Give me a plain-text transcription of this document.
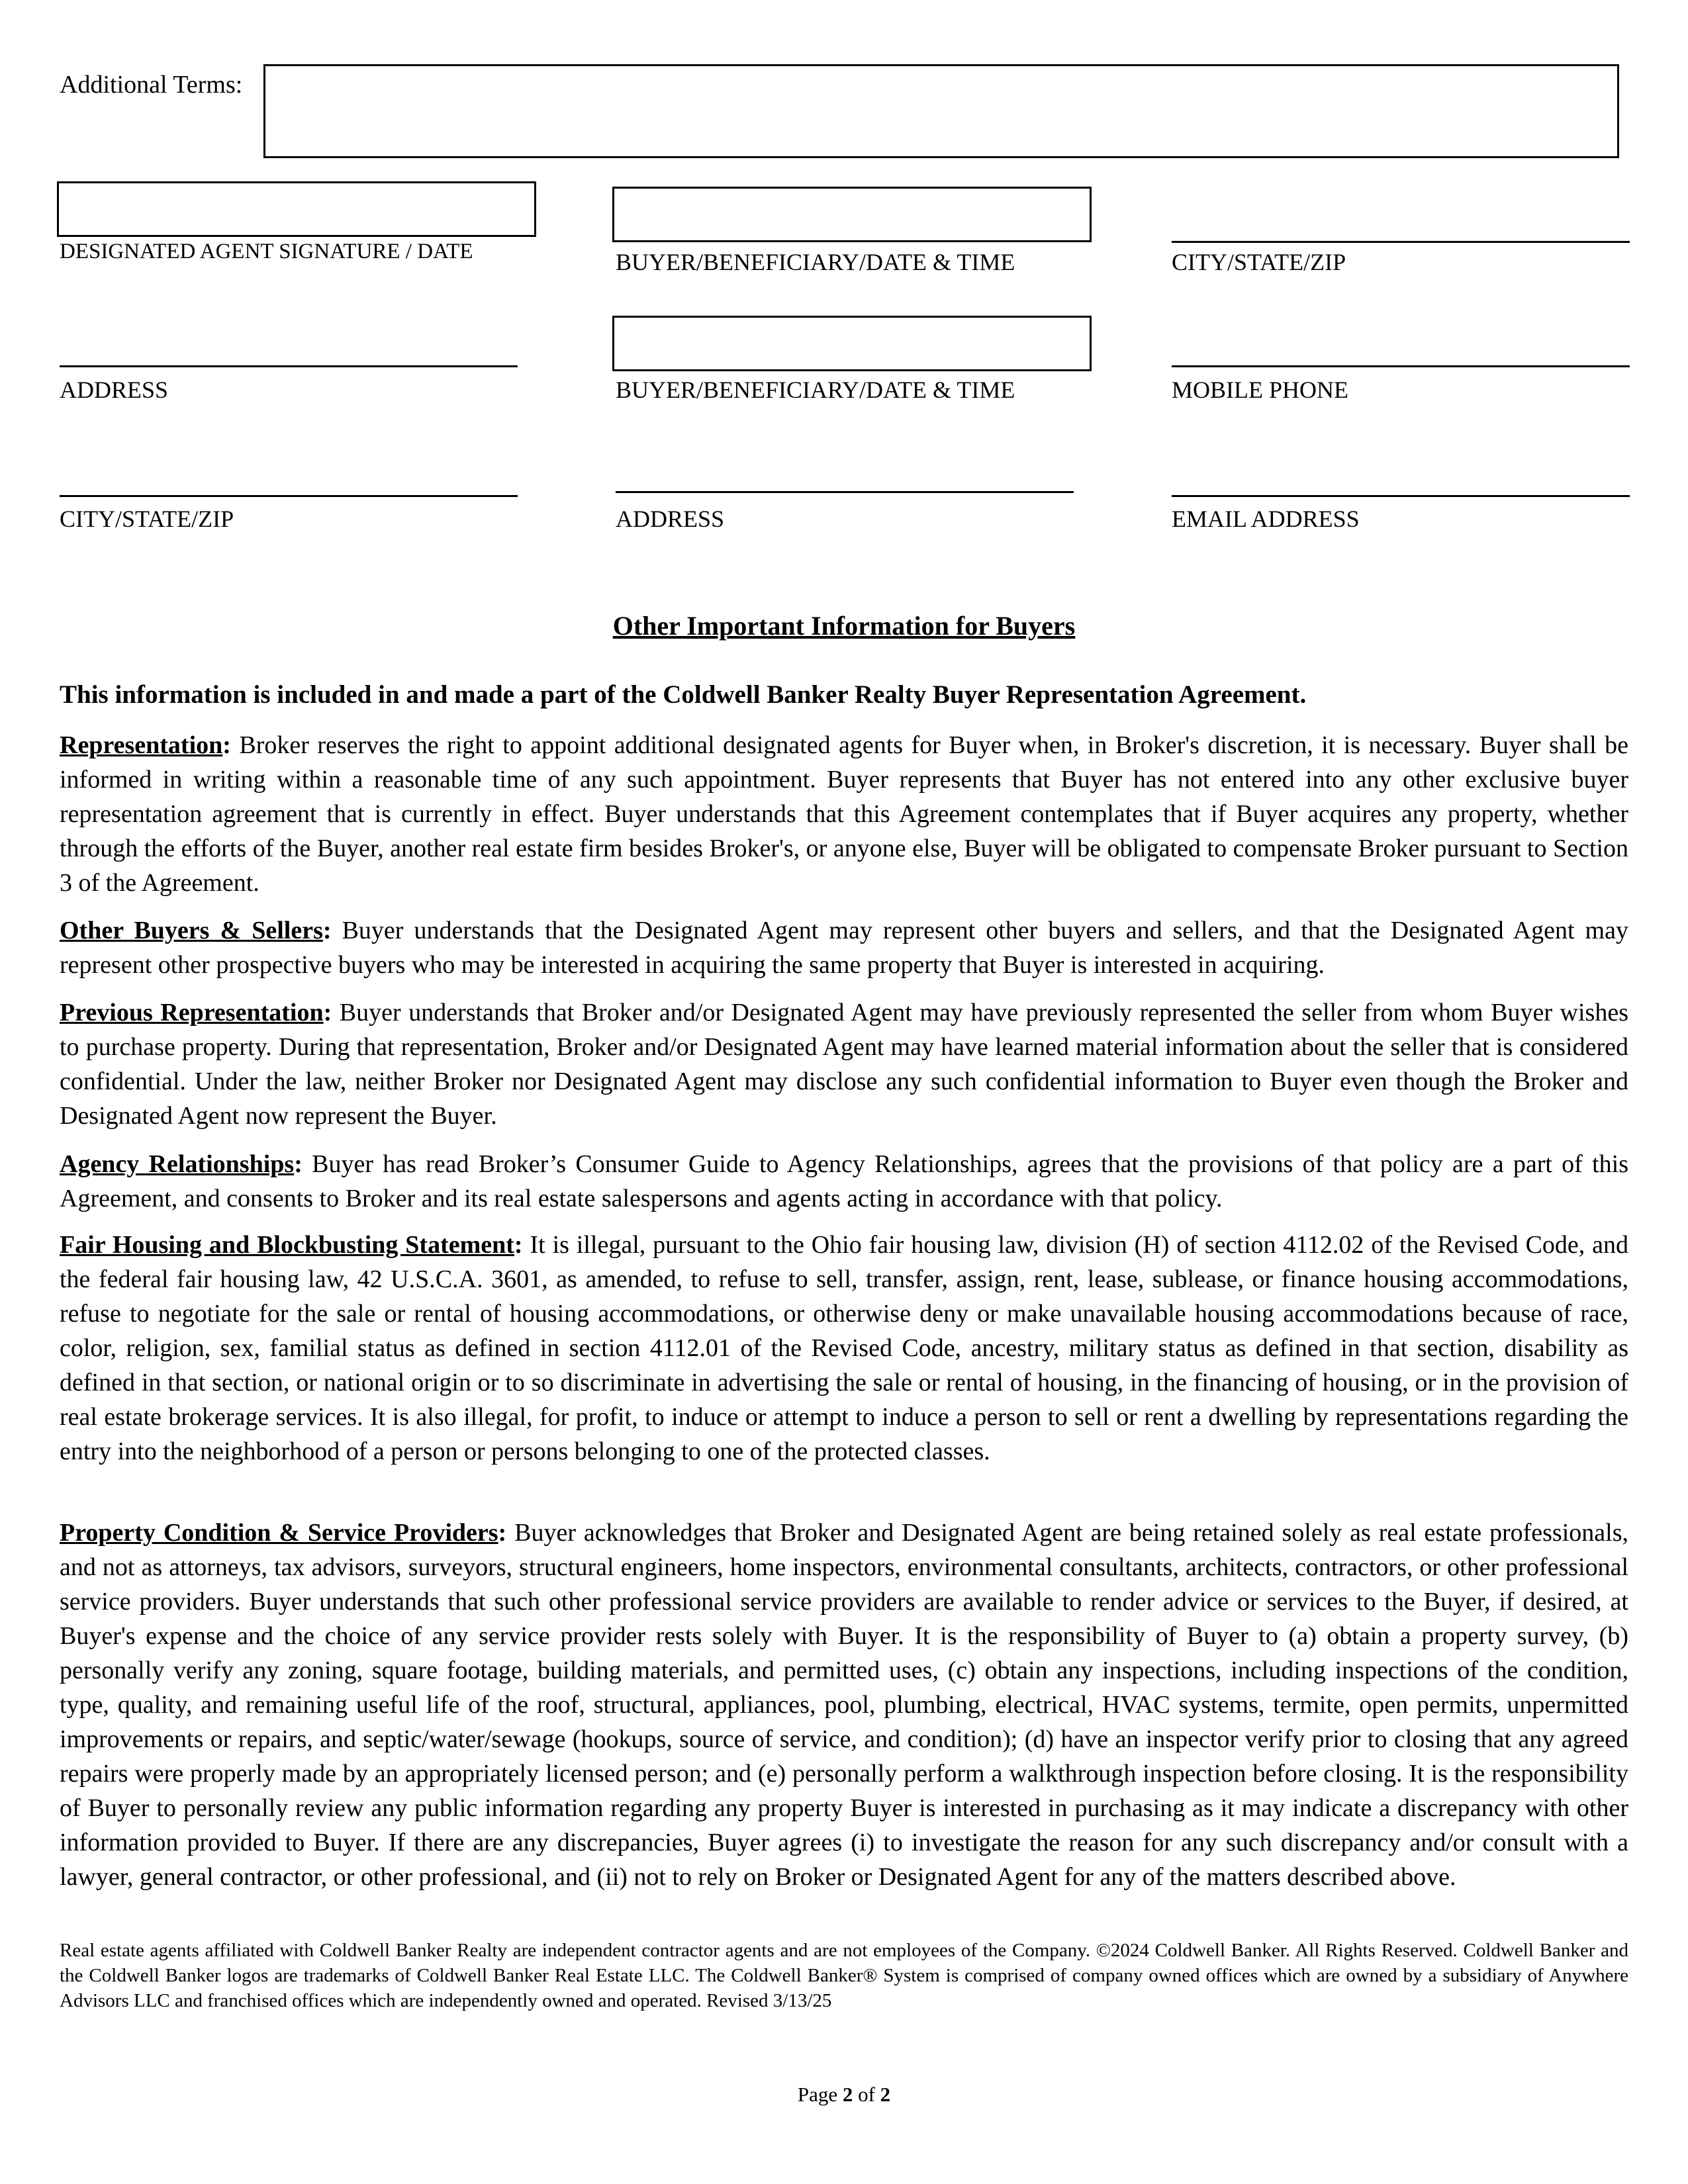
Additional Terms:
DESIGNATED AGENT SIGNATURE / DATE	BUYER/BENEFICIARY/DATE & TIME	CITY/STATE/ZIP
ADDRESS	BUYER/BENEFICIARY/DATE & TIME	MOBILE PHONE
CITY/STATE/ZIP	ADDRESS	EMAIL ADDRESS
Other Important Information for Buyers
This information is included in and made a part of the Coldwell Banker Realty Buyer Representation Agreement.

Representation: Broker reserves the right to appoint additional designated agents for Buyer when, in Broker's discretion, it is necessary. Buyer shall be informed in writing within a reasonable time of any such appointment. Buyer represents that Buyer has not entered into any other exclusive buyer representation agreement that is currently in effect. Buyer understands that this Agreement contemplates that if Buyer acquires any property, whether through the efforts of the Buyer, another real estate firm besides Broker's, or anyone else, Buyer will be obligated to compensate Broker pursuant to Section 3 of the Agreement.

Other Buyers & Sellers: Buyer understands that the Designated Agent may represent other buyers and sellers, and that the Designated Agent may represent other prospective buyers who may be interested in acquiring the same property that Buyer is interested in acquiring.

Previous Representation: Buyer understands that Broker and/or Designated Agent may have previously represented the seller from whom Buyer wishes to purchase property. During that representation, Broker and/or Designated Agent may have learned material information about the seller that is considered confidential. Under the law, neither Broker nor Designated Agent may disclose any such confidential information to Buyer even though the Broker and Designated Agent now represent the Buyer.

Agency Relationships: Buyer has read Broker’s Consumer Guide to Agency Relationships, agrees that the provisions of that policy are a part of this Agreement, and consents to Broker and its real estate salespersons and agents acting in accordance with that policy.

Fair Housing and Blockbusting Statement: It is illegal, pursuant to the Ohio fair housing law, division (H) of section 4112.02 of the Revised Code, and the federal fair housing law, 42 U.S.C.A. 3601, as amended, to refuse to sell, transfer, assign, rent, lease, sublease, or finance housing accommodations, refuse to negotiate for the sale or rental of housing accommodations, or otherwise deny or make unavailable housing accommodations because of race, color, religion, sex, familial status as defined in section 4112.01 of the Revised Code, ancestry, military status as defined in that section, disability as defined in that section, or national origin or to so discriminate in advertising the sale or rental of housing, in the financing of housing, or in the provision of real estate brokerage services. It is also illegal, for profit, to induce or attempt to induce a person to sell or rent a dwelling by representations regarding the entry into the neighborhood of a person or persons belonging to one of the protected classes.

Property Condition & Service Providers: Buyer acknowledges that Broker and Designated Agent are being retained solely as real estate professionals, and not as attorneys, tax advisors, surveyors, structural engineers, home inspectors, environmental consultants, architects, contractors, or other professional service providers. Buyer understands that such other professional service providers are available to render advice or services to the Buyer, if desired, at Buyer's expense and the choice of any service provider rests solely with Buyer. It is the responsibility of Buyer to (a) obtain a property survey, (b) personally verify any zoning, square footage, building materials, and permitted uses, (c) obtain any inspections, including inspections of the condition, type, quality, and remaining useful life of the roof, structural, appliances, pool, plumbing, electrical, HVAC systems, termite, open permits, unpermitted improvements or repairs, and septic/water/sewage (hookups, source of service, and condition); (d) have an inspector verify prior to closing that any agreed repairs were properly made by an appropriately licensed person; and (e) personally perform a walkthrough inspection before closing. It is the responsibility of Buyer to personally review any public information regarding any property Buyer is interested in purchasing as it may indicate a discrepancy with other information provided to Buyer. If there are any discrepancies, Buyer agrees (i) to investigate the reason for any such discrepancy and/or consult with a lawyer, general contractor, or other professional, and (ii) not to rely on Broker or Designated Agent for any of the matters described above.

Real estate agents affiliated with Coldwell Banker Realty are independent contractor agents and are not employees of the Company. ©2024 Coldwell Banker. All Rights Reserved. Coldwell Banker and the Coldwell Banker logos are trademarks of Coldwell Banker Real Estate LLC. The Coldwell Banker® System is comprised of company owned offices which are owned by a subsidiary of Anywhere Advisors LLC and franchised offices which are independently owned and operated. Revised 3/13/25

Page 2 of 2
